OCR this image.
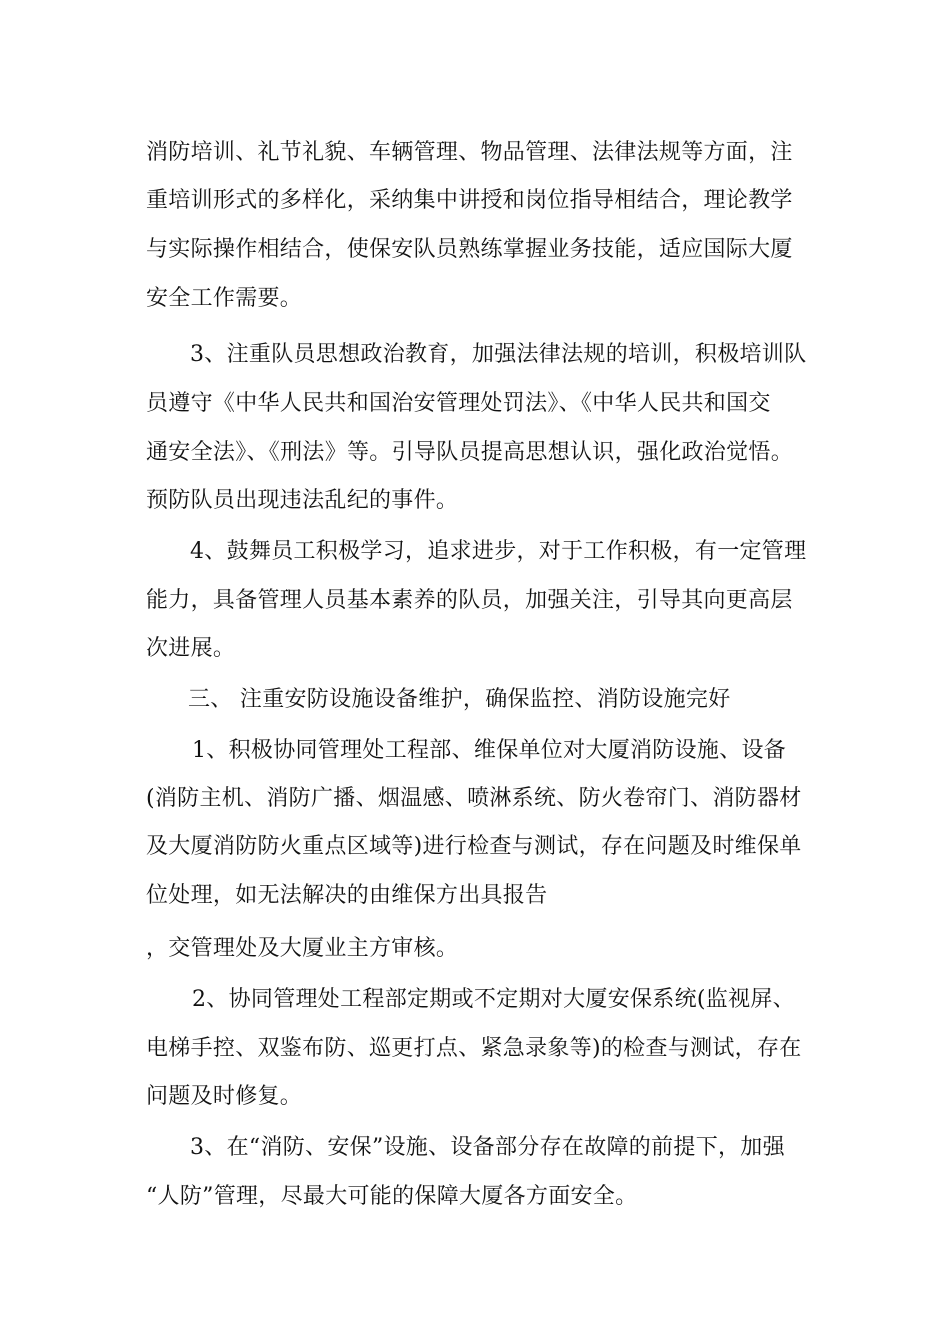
消防培训、礼节礼貌、车辆管理、物品管理、法律法规等方面，注
重培训形式的多样化，采纳集中讲授和岗位指导相结合，理论教学
与实际操作相结合，使保安队员熟练掌握业务技能，适应国际大厦
安全工作需要。
3、注重队员思想政治教育，加强法律法规的培训，积极培训队
员遵守《中华人民共和国治安管理处罚法》、《中华人民共和国交
通安全法》、《刑法》等。引导队员提高思想认识，强化政治觉悟。
预防队员出现违法乱纪的事件。
4、鼓舞员工积极学习，追求进步，对于工作积极，有一定管理
能力，具备管理人员基本素养的队员，加强关注，引导其向更高层
次进展。
三、 注重安防设施设备维护，确保监控、消防设施完好
1、积极协同管理处工程部、维保单位对大厦消防设施、设备
(消防主机、消防广播、烟温感、喷淋系统、防火卷帘门、消防器材
及大厦消防防火重点区域等)进行检查与测试，存在问题及时维保单
位处理，如无法解决的由维保方出具报告
，交管理处及大厦业主方审核。
2、协同管理处工程部定期或不定期对大厦安保系统(监视屏、
电梯手控、双鉴布防、巡更打点、紧急录象等)的检查与测试，存在
问题及时修复。
3、在“消防、安保”设施、设备部分存在故障的前提下，加强
“人防”管理，尽最大可能的保障大厦各方面安全。
